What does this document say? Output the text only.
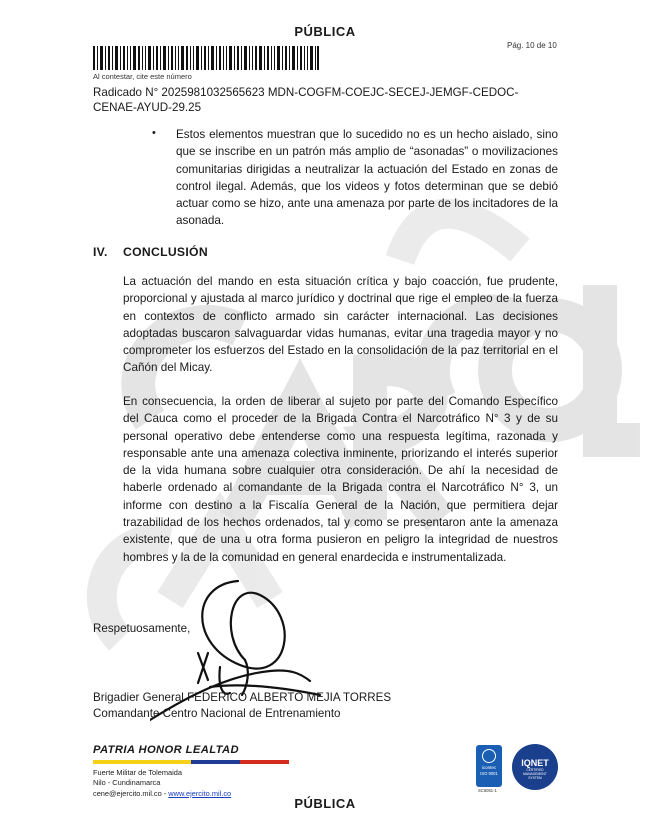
PÚBLICA
Pág. 10 de 10
Al contestar, cite este número
Radicado N° 2025981032565623 MDN-COGFM-COEJC-SECEJ-JEMGF-CEDOC-CENAE-AYUD-29.25
• Estos elementos muestran que lo sucedido no es un hecho aislado, sino que se inscribe en un patrón más amplio de “asonadas” o movilizaciones comunitarias dirigidas a neutralizar la actuación del Estado en zonas de control ilegal. Además, que los videos y fotos determinan que se debió actuar como se hizo, ante una amenaza por parte de los incitadores de la asonada.
IV. CONCLUSIÓN
La actuación del mando en esta situación crítica y bajo coacción, fue prudente, proporcional y ajustada al marco jurídico y doctrinal que rige el empleo de la fuerza en contextos de conflicto armado sin carácter internacional. Las decisiones adoptadas buscaron salvaguardar vidas humanas, evitar una tragedia mayor y no comprometer los esfuerzos del Estado en la consolidación de la paz territorial en el Cañón del Micay.
En consecuencia, la orden de liberar al sujeto por parte del Comando Específico del Cauca como el proceder de la Brigada Contra el Narcotráfico N° 3 y de su personal operativo debe entenderse como una respuesta legítima, razonada y responsable ante una amenaza colectiva inminente, priorizando el interés superior de la vida humana sobre cualquier otra consideración. De ahí la necesidad de haberle ordenado al comandante de la Brigada contra el Narcotráfico N° 3, un informe con destino a la Fiscalía General de la Nación, que permitiera dejar trazabilidad de los hechos ordenados, tal y como se presentaron ante la amenaza existente, que de una u otra forma pusieron en peligro la integridad de nuestros hombres y la de la comunidad en general enardecida e instrumentalizada.
Respetuosamente,
Brigadier General FEDERICO ALBERTO MEJIA TORRES
Comandante Centro Nacional de Entrenamiento
PATRIA HONOR LEALTAD
Fuerte Militar de Tolemaida
Nilo - Cundinamarca
cene@ejercito.mil.co - www.ejercito.mil.co
icontec
ISO 9001
SC6061-1
IQNET
CERTIFIED MANAGEMENT SYSTEM
PÚBLICA
